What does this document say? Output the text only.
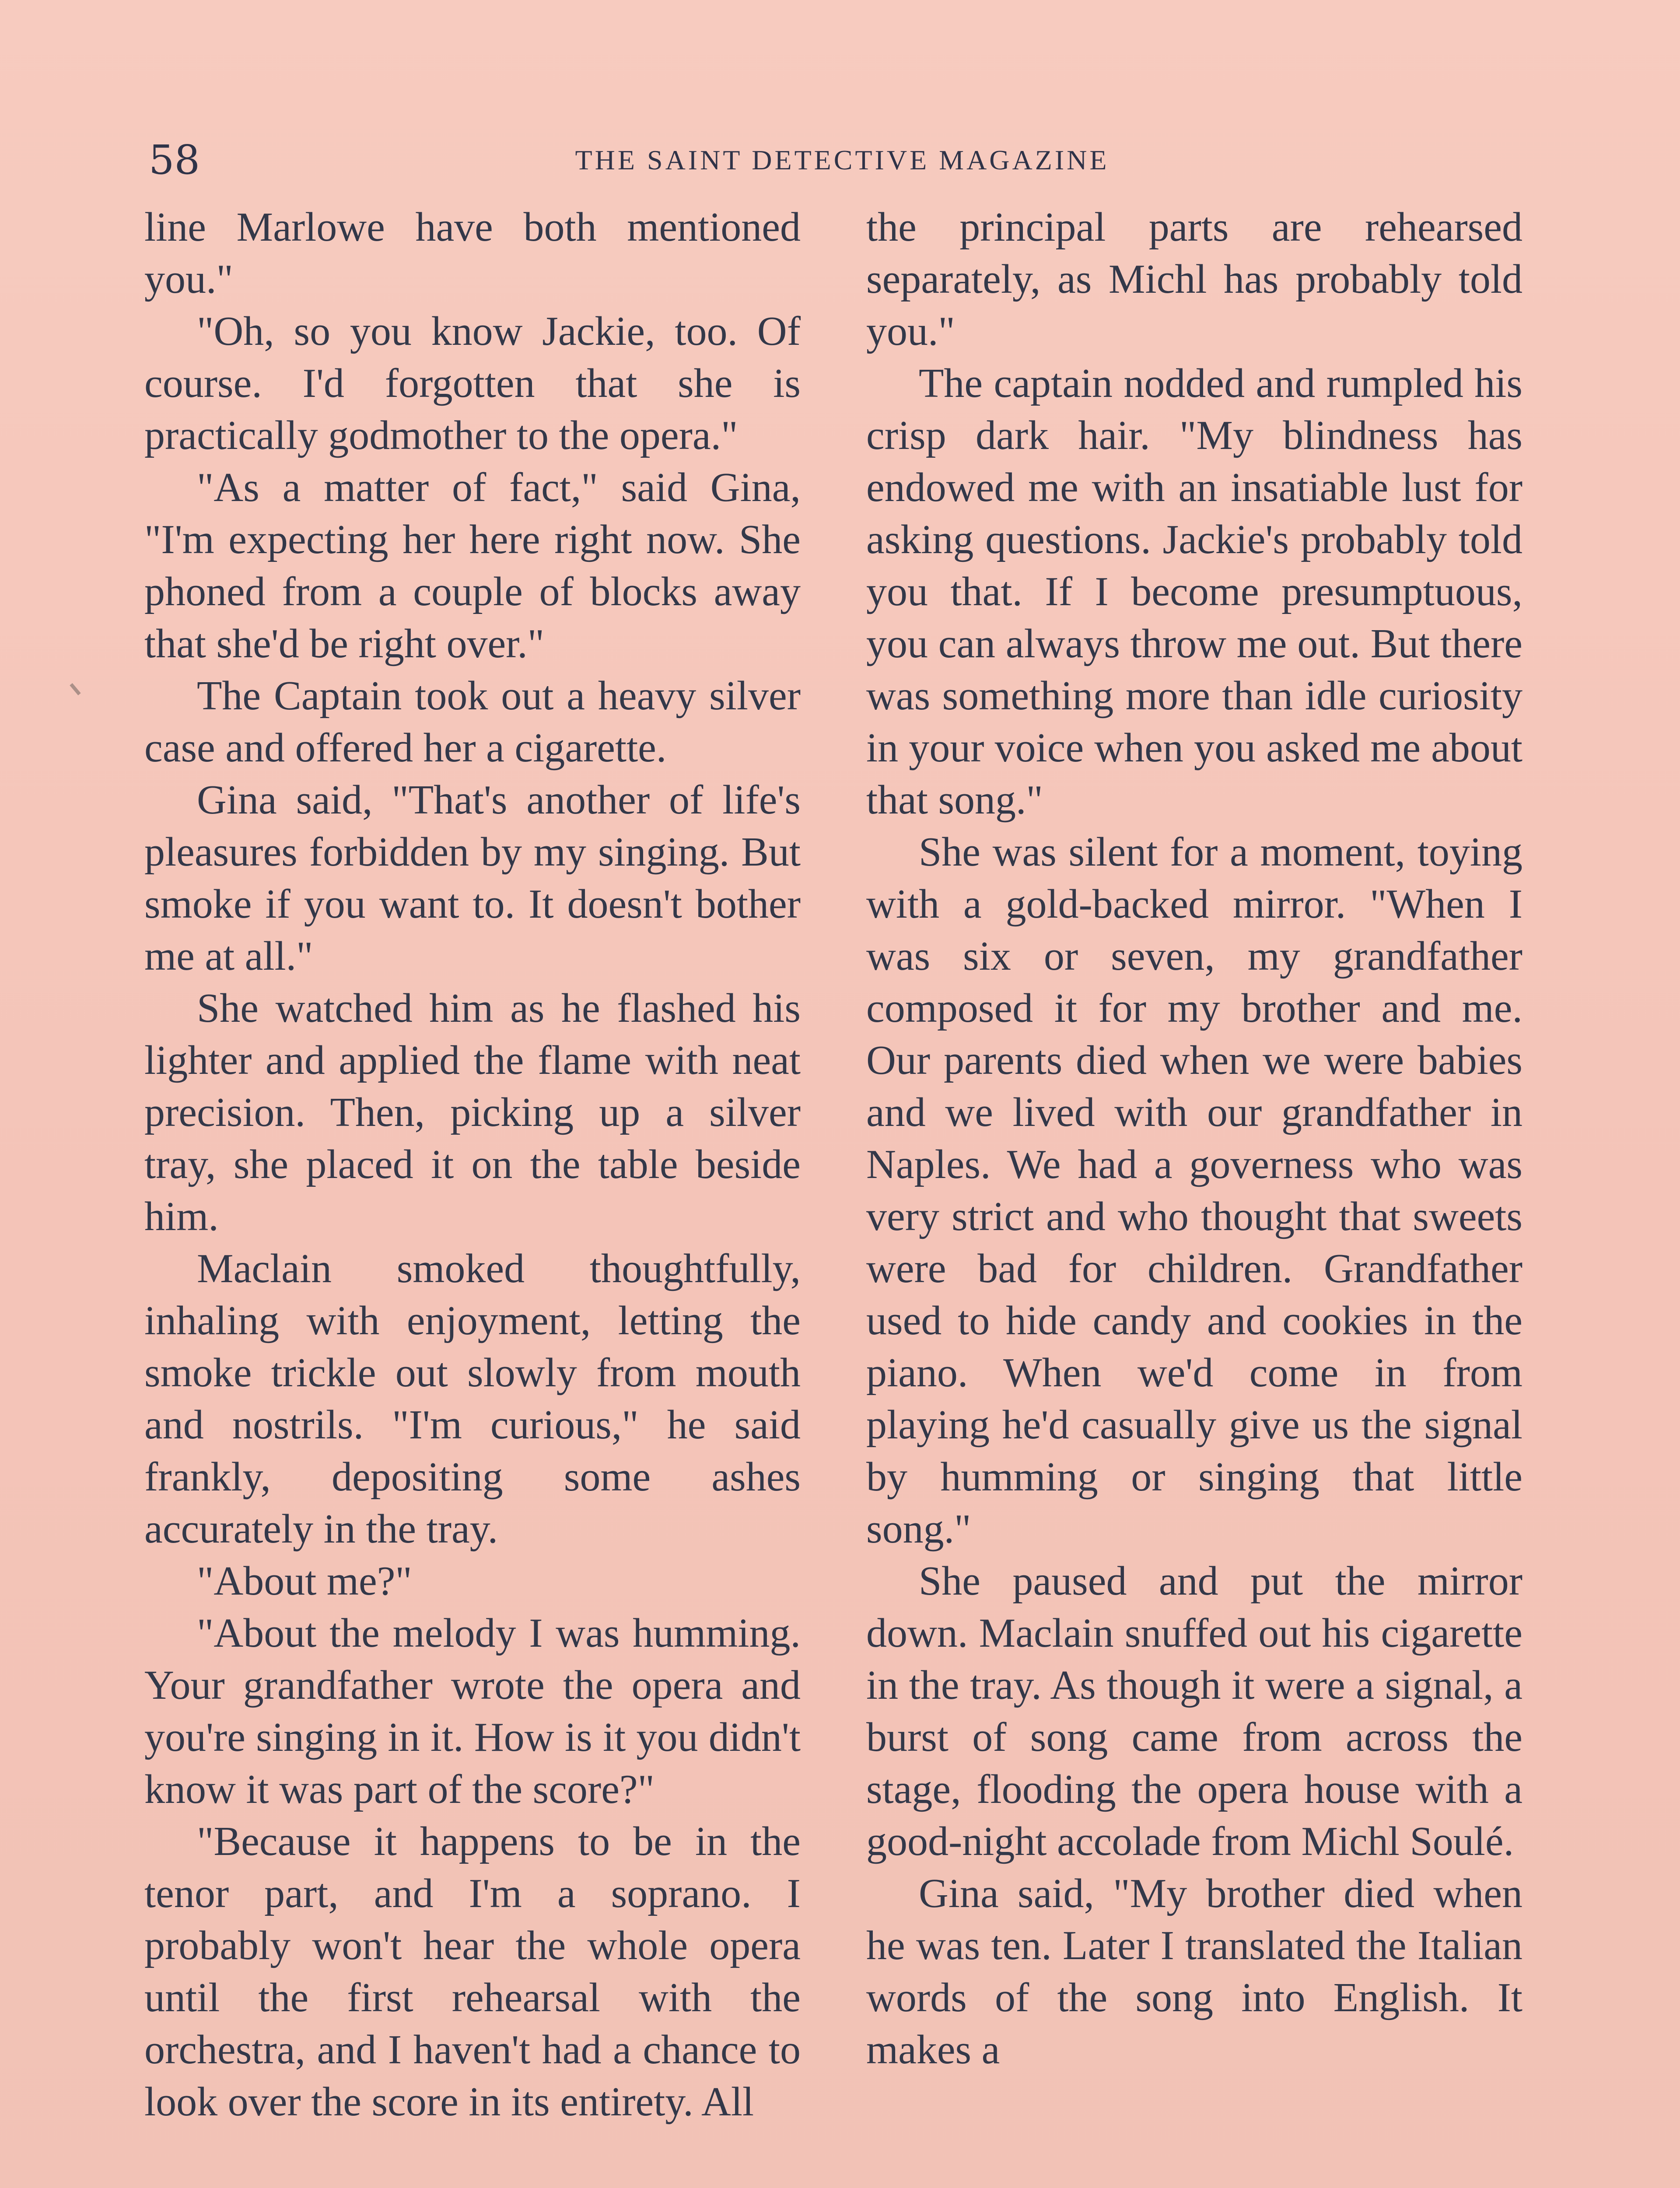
58	THE SAINT DETECTIVE MAGAZINE

line Marlowe have both mentioned you."

"Oh, so you know Jackie, too. Of course. I'd forgotten that she is practically godmother to the opera."

"As a matter of fact," said Gina, "I'm expecting her here right now. She phoned from a couple of blocks away that she'd be right over."

The Captain took out a heavy silver case and offered her a cigarette.

Gina said, "That's another of life's pleasures forbidden by my singing. But smoke if you want to. It doesn't bother me at all."

She watched him as he flashed his lighter and applied the flame with neat precision. Then, picking up a silver tray, she placed it on the table beside him.

Maclain smoked thoughtfully, inhaling with enjoyment, letting the smoke trickle out slowly from mouth and nostrils. "I'm curious," he said frankly, depositing some ashes accurately in the tray.

"About me?"

"About the melody I was humming. Your grandfather wrote the opera and you're singing in it. How is it you didn't know it was part of the score?"

"Because it happens to be in the tenor part, and I'm a soprano. I probably won't hear the whole opera until the first rehearsal with the orchestra, and I haven't had a chance to look over the score in its entirety. All

the principal parts are rehearsed separately, as Michl has probably told you."

The captain nodded and rumpled his crisp dark hair. "My blindness has endowed me with an insatiable lust for asking questions. Jackie's probably told you that. If I become presumptuous, you can always throw me out. But there was something more than idle curiosity in your voice when you asked me about that song."

She was silent for a moment, toying with a gold-backed mirror. "When I was six or seven, my grandfather composed it for my brother and me. Our parents died when we were babies and we lived with our grandfather in Naples. We had a governess who was very strict and who thought that sweets were bad for children. Grandfather used to hide candy and cookies in the piano. When we'd come in from playing he'd casually give us the signal by humming or singing that little song."

She paused and put the mirror down. Maclain snuffed out his cigarette in the tray. As though it were a signal, a burst of song came from across the stage, flooding the opera house with a good-night accolade from Michl Soulé.

Gina said, "My brother died when he was ten. Later I translated the Italian words of the song into English. It makes a
